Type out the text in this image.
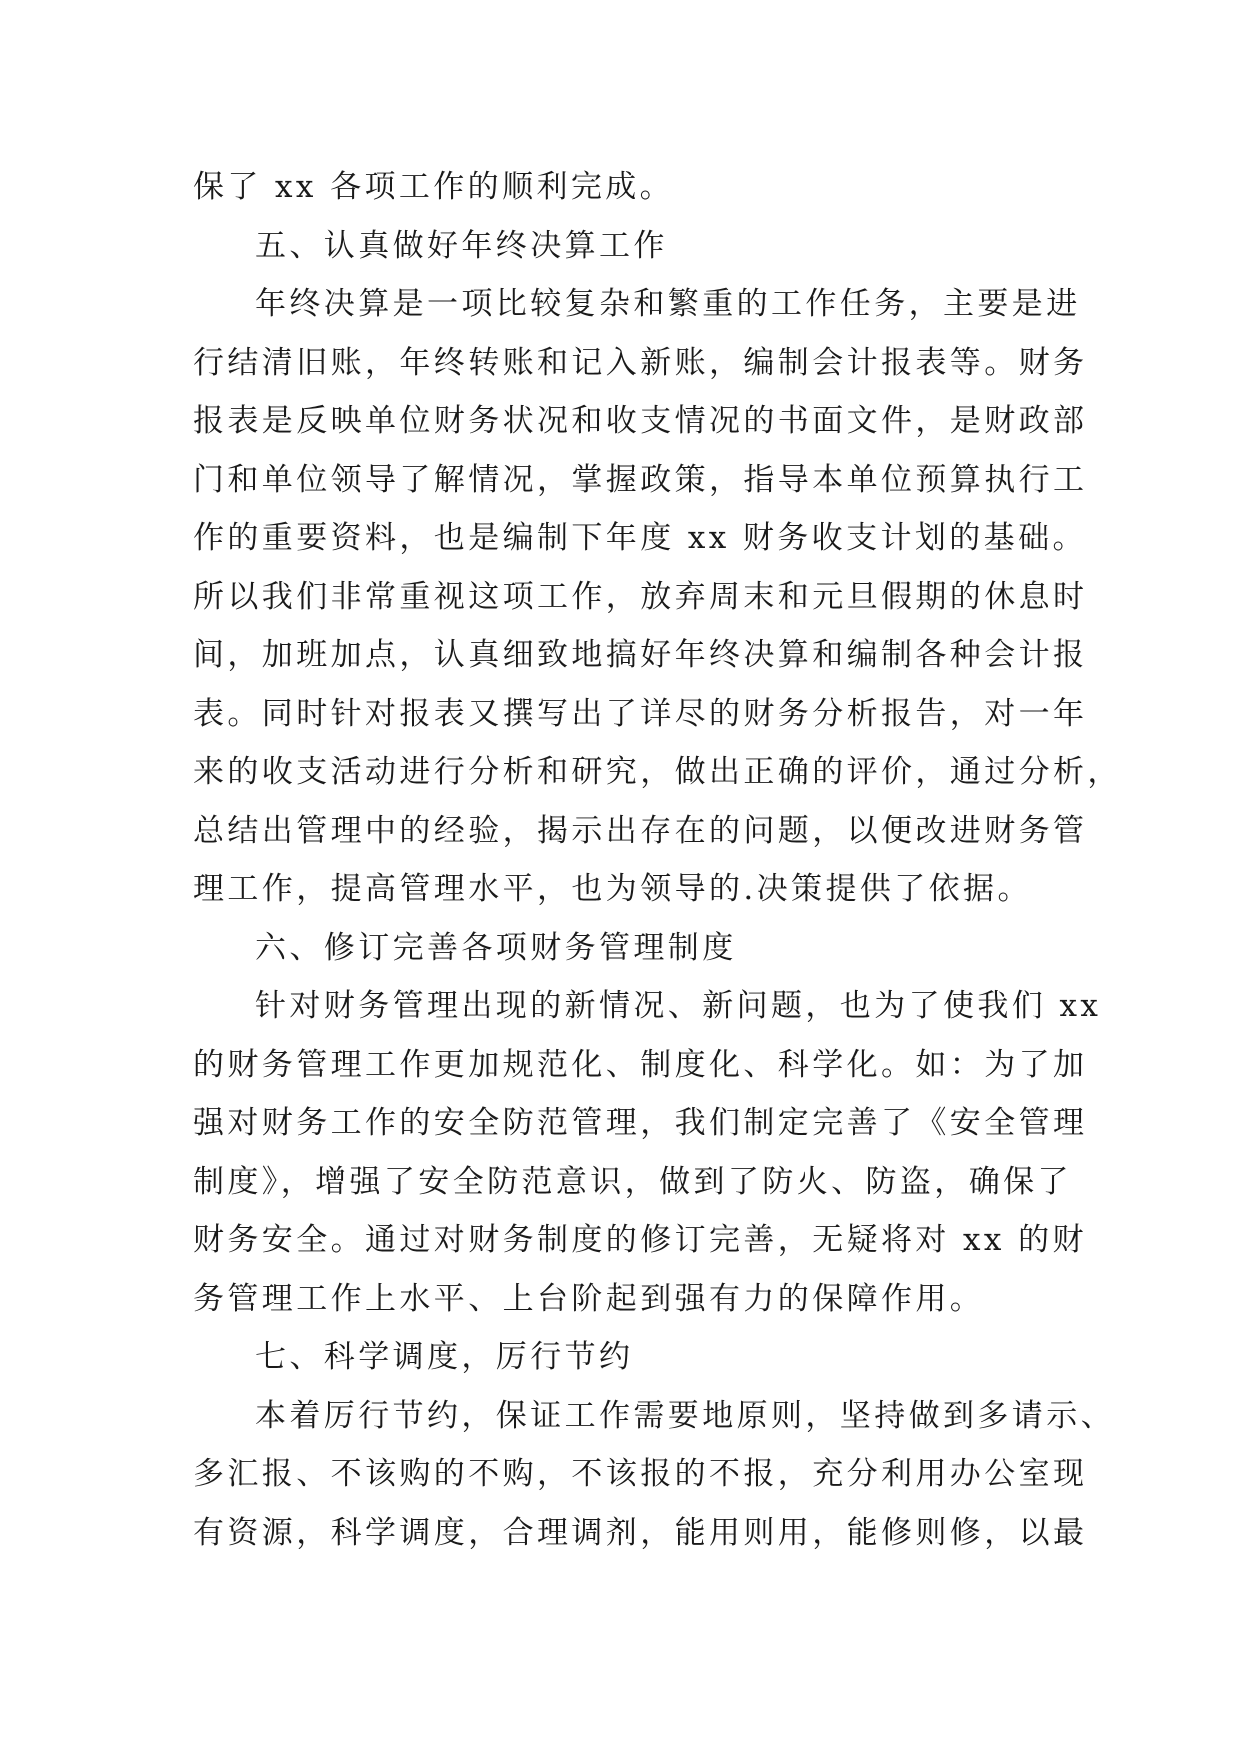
保了 xx 各项工作的顺利完成。
五、认真做好年终决算工作
年终决算是一项比较复杂和繁重的工作任务，主要是进
行结清旧账，年终转账和记入新账，编制会计报表等。财务
报表是反映单位财务状况和收支情况的书面文件，是财政部
门和单位领导了解情况，掌握政策，指导本单位预算执行工
作的重要资料，也是编制下年度 xx 财务收支计划的基础。
所以我们非常重视这项工作，放弃周末和元旦假期的休息时
间，加班加点，认真细致地搞好年终决算和编制各种会计报
表。同时针对报表又撰写出了详尽的财务分析报告，对一年
来的收支活动进行分析和研究，做出正确的评价，通过分析，
总结出管理中的经验，揭示出存在的问题，以便改进财务管
理工作，提高管理水平，也为领导的.决策提供了依据。
六、修订完善各项财务管理制度
针对财务管理出现的新情况、新问题，也为了使我们 xx
的财务管理工作更加规范化、制度化、科学化。如：为了加
强对财务工作的安全防范管理，我们制定完善了《安全管理
制度》，增强了安全防范意识，做到了防火、防盗，确保了
财务安全。通过对财务制度的修订完善，无疑将对 xx 的财
务管理工作上水平、上台阶起到强有力的保障作用。
七、科学调度，厉行节约
本着厉行节约，保证工作需要地原则，坚持做到多请示、
多汇报、不该购的不购，不该报的不报，充分利用办公室现
有资源，科学调度，合理调剂，能用则用，能修则修，以最
